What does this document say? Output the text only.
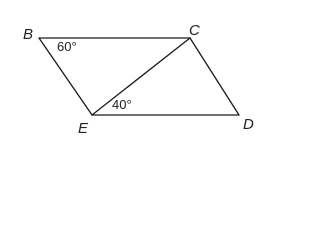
B	C
D
E
60°
40°
